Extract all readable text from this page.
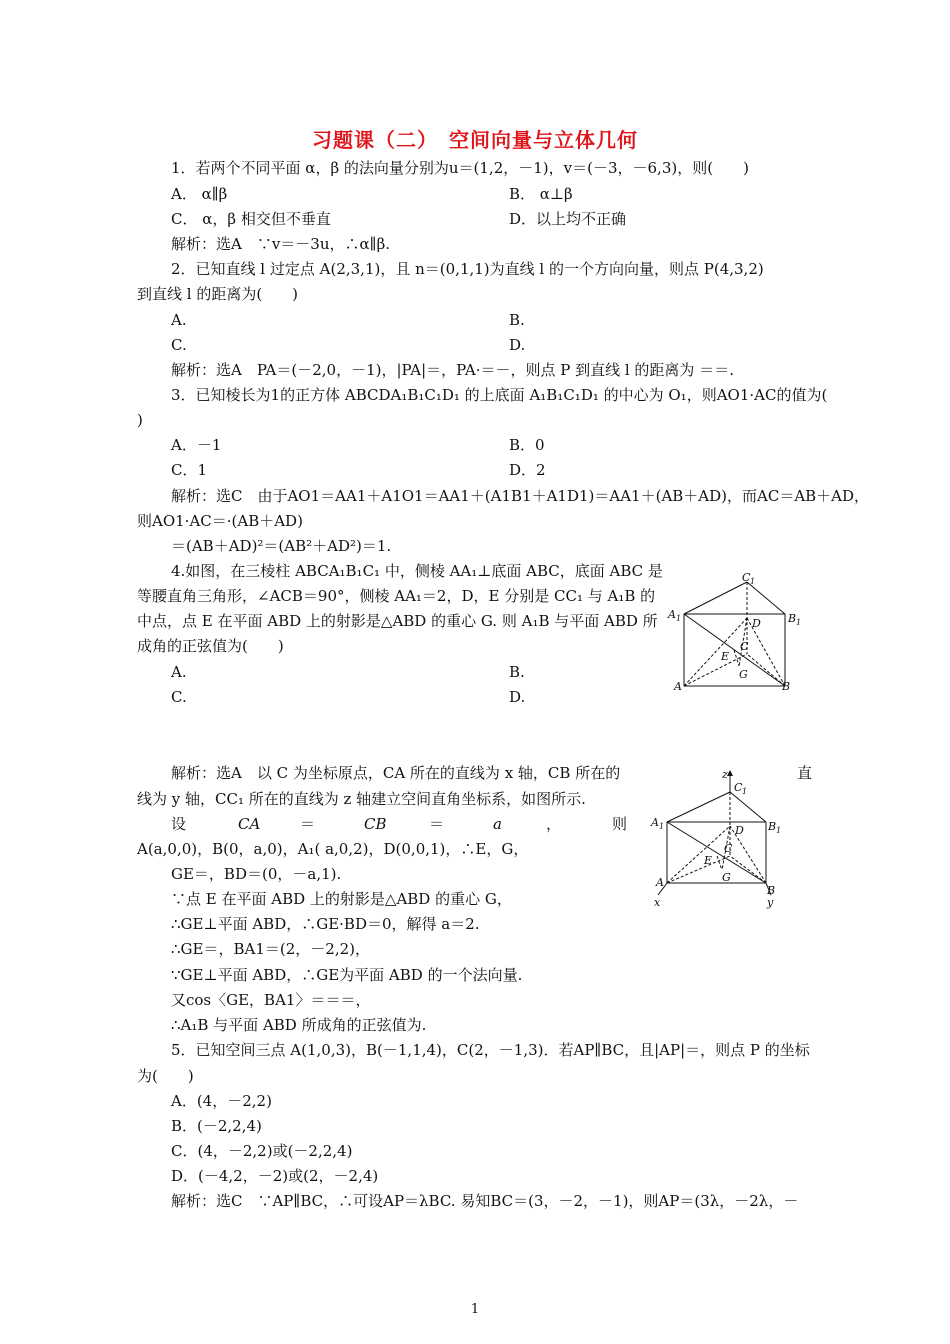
习题课（二）　空间向量与立体几何
1．若两个不同平面 α，β 的法向量分别为u＝(1,2，－1)，v＝(－3，－6,3)，则(　　)
A． α∥β	B． α⊥β
C． α，β 相交但不垂直	D．以上均不正确
解析：选A　∵v＝－3u，∴α∥β.
2．已知直线 l 过定点 A(2,3,1)，且 n＝(0,1,1)为直线 l 的一个方向向量，则点 P(4,3,2)
到直线 l 的距离为(　　)
A.	B.
C.	D.
解析：选A　PA＝(－2,0，－1)，|PA|＝，PA·＝－，则点 P 到直线 l 的距离为 ＝＝.
3．已知棱长为1的正方体 ABCDA₁B₁C₁D₁ 的上底面 A₁B₁C₁D₁ 的中心为 O₁，则AO1·AC的值为(
)
A．－1	B．0
C．1	D．2
解析：选C　由于AO1＝AA1＋A1O1＝AA1＋(A1B1＋A1D1)＝AA1＋(AB＋AD)，而AC＝AB＋AD，
则AO1·AC＝·(AB＋AD)
＝(AB＋AD)²＝(AB²＋AD²)＝1.
4.如图，在三棱柱 ABCA₁B₁C₁ 中，侧棱 AA₁⊥底面 ABC，底面 ABC 是
等腰直角三角形，∠ACB＝90°，侧棱 AA₁＝2，D，E 分别是 CC₁ 与 A₁B 的
中点，点 E 在平面 ABD 上的射影是△ABD 的重心 G. 则 A₁B 与平面 ABD 所
成角的正弦值为(　　)
A.	B.
C.	D.
C 1
A 1	B 1
D
C
E
G
A	B
解析：选A　以 C 为坐标原点，CA 所在的直线为 x 轴，CB 所在的	直
线为 y 轴，CC₁ 所在的直线为 z 轴建立空间直角坐标系，如图所示.
设	CA	＝	CB	＝	a	，	则
A(a,0,0)，B(0，a,0)，A₁( a,0,2)，D(0,0,1)，∴E，G，
GE＝，BD＝(0，－a,1).
∵点 E 在平面 ABD 上的射影是△ABD 的重心 G，
∴GE⊥平面 ABD，∴GE·BD＝0，解得 a＝2.
∴GE＝，BA1＝(2，－2,2)，
∵GE⊥平面 ABD，∴GE为平面 ABD 的一个法向量.
又cos〈GE，BA1〉＝＝＝，
∴A₁B 与平面 ABD 所成角的正弦值为.
z
C 1
A 1	B 1
D
C
E
G
A
B
x	y
5．已知空间三点 A(1,0,3)，B(－1,1,4)，C(2，－1,3)．若AP∥BC，且|AP|＝，则点 P 的坐标
为(　　)
A．(4，－2,2)
B．(－2,2,4)
C．(4，－2,2)或(－2,2,4)
D．(－4,2，－2)或(2，－2,4)
解析：选C　∵AP∥BC，∴可设AP＝λBC. 易知BC＝(3，－2，－1)，则AP＝(3λ，－2λ，－
1
